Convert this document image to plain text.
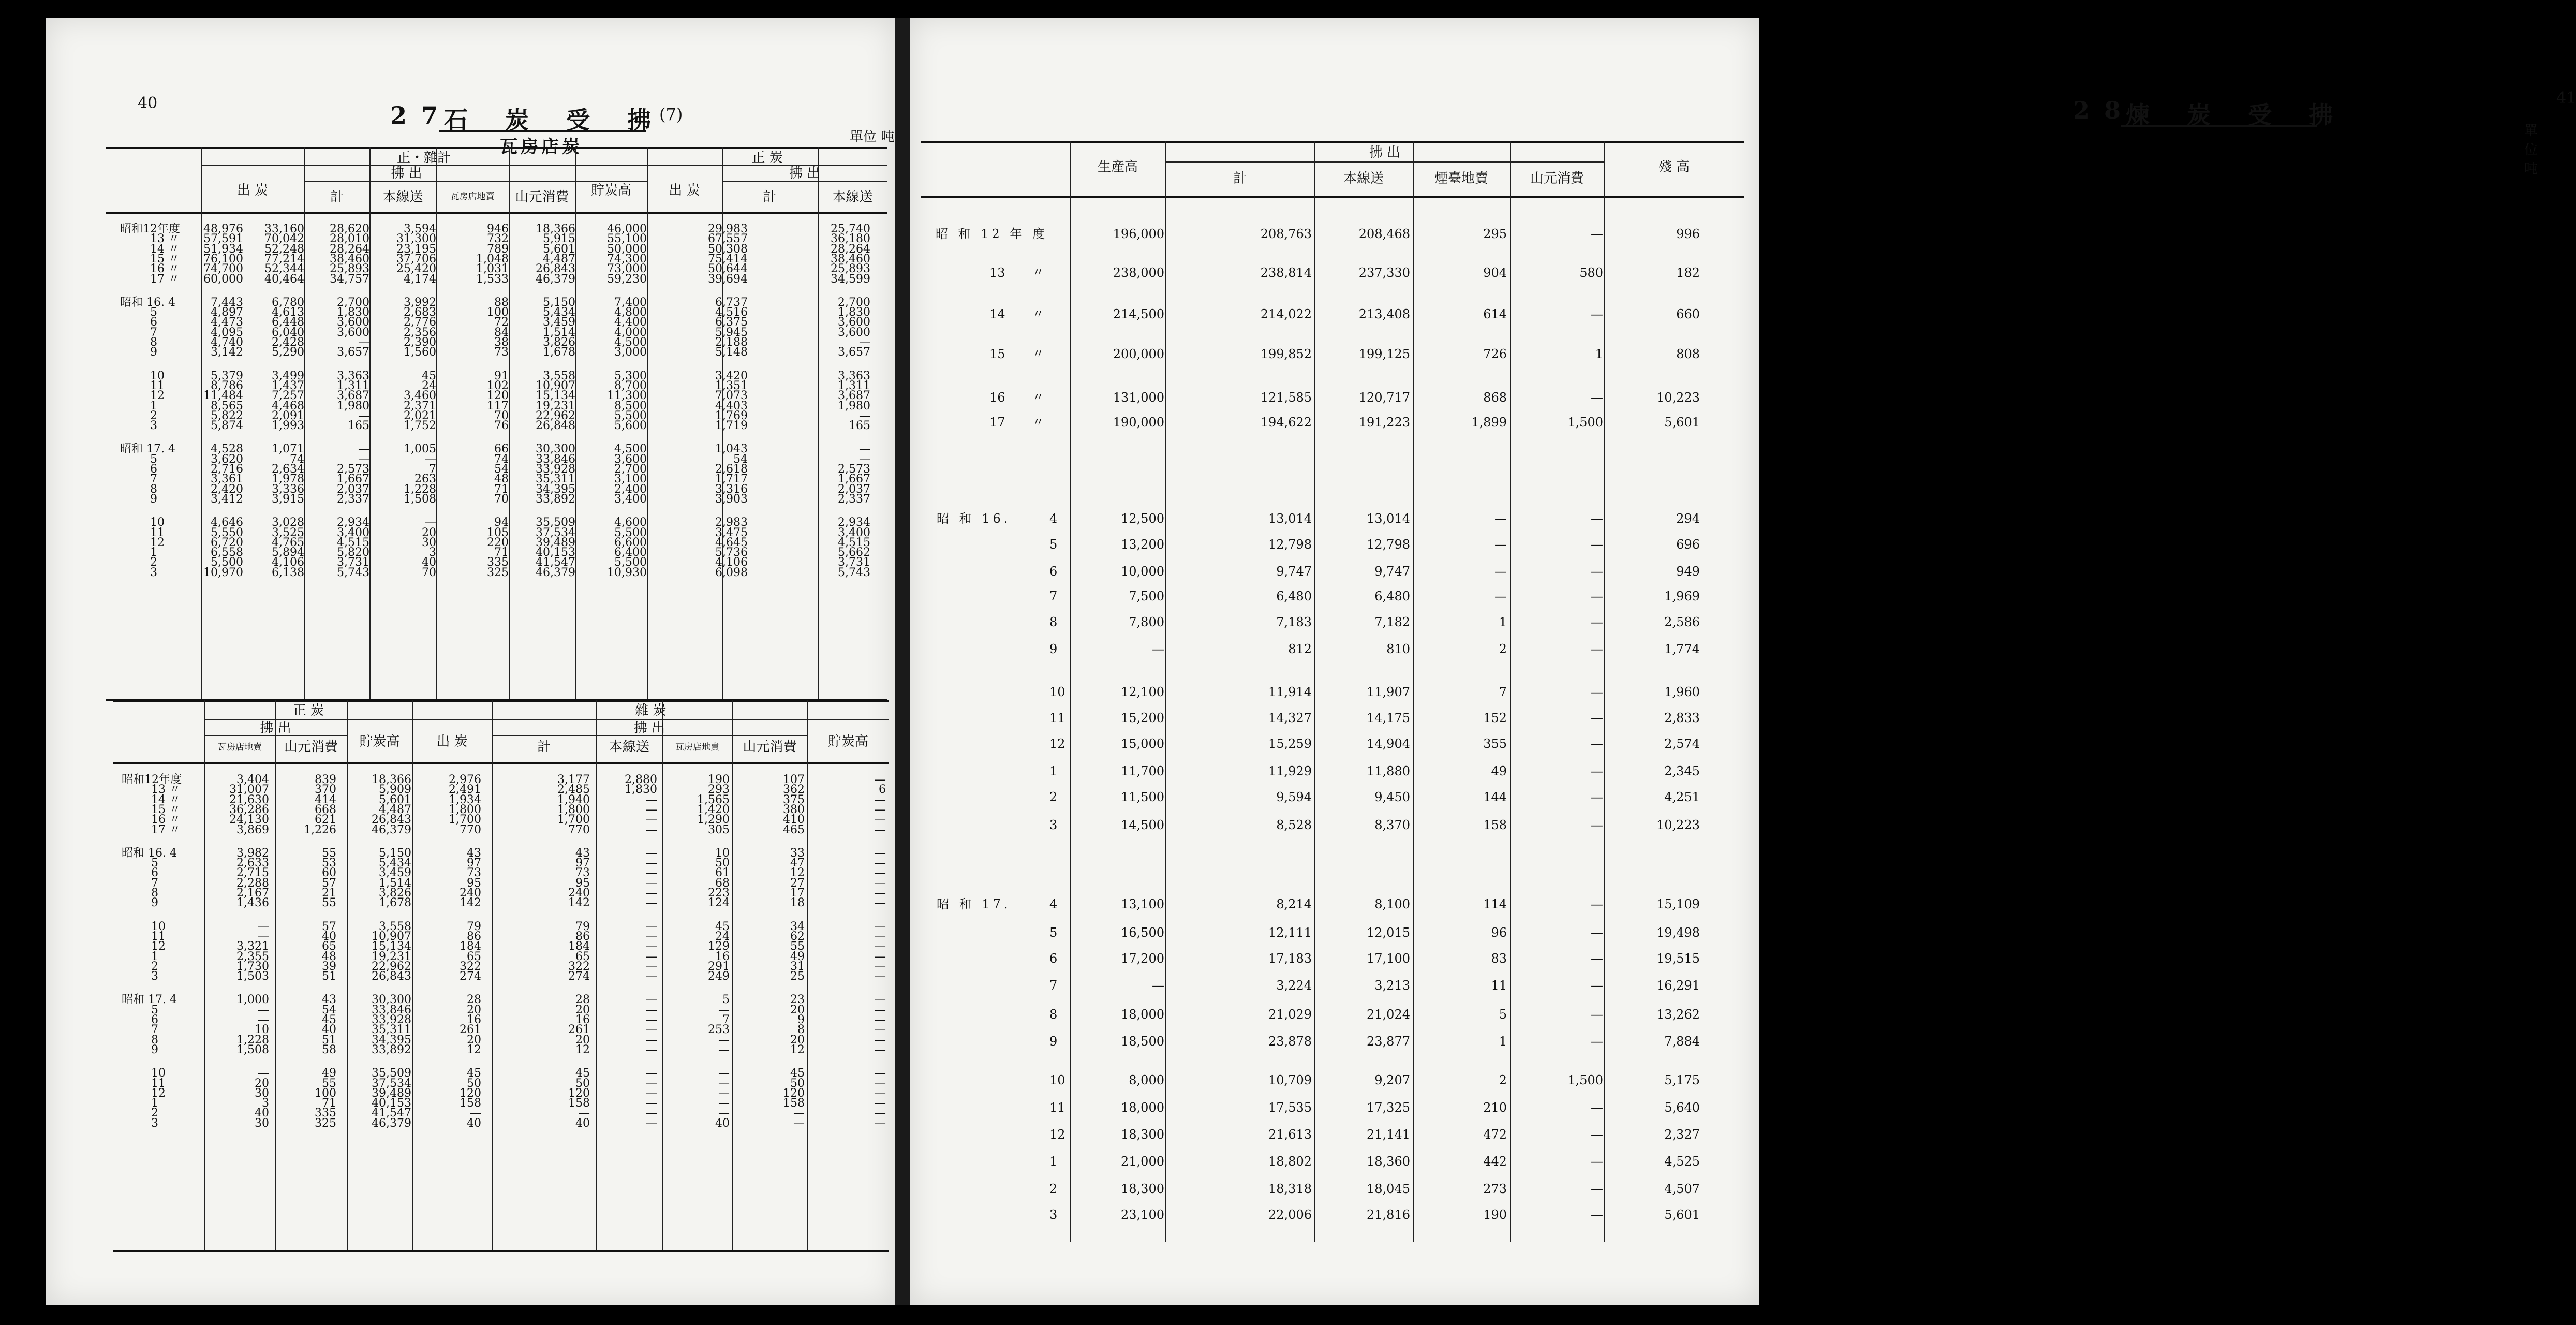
40	27
石 炭 受 拂
(7)
瓦房店炭	單位 吨
41
28
煉 炭 受 拂
單位 吨
正・雜計	正 炭
拂 出	拂 出
出 炭	計	本線送	瓦房店地賣	山元消費	貯炭高	出 炭	計	本線送
昭和12年度	48,976	33,160	28,620	3,594	946	18,366	46,000	29,983	25,740
13 〃	57,591	70,042	28,010	31,300	732	5,915	55,100	67,557	36,180
14 〃	51,934	52,248	28,264	23,195	789	5,601	50,000	50,308	28,264
15 〃	76,100	77,214	38,460	37,706	1,048	4,487	74,300	75,414	38,460
16 〃	74,700	52,344	25,893	25,420	1,031	26,843	73,000	50,644	25,893
17 〃	60,000	40,464	34,757	4,174	1,533	46,379	59,230	39,694	34,599
昭和 16. 4	7,443	6,780	2,700	3,992	88	5,150	7,400	6,737	2,700
5	4,897	4,613	1,830	2,683	100	5,434	4,800	4,516	1,830
6	4,473	6,448	3,600	2,776	72	3,459	4,400	6,375	3,600
7	4,095	6,040	3,600	2,356	84	1,514	4,000	5,945	3,600
8	4,740	2,428	—	2,390	38	3,826	4,500	2,188	—
9	3,142	5,290	3,657	1,560	73	1,678	3,000	5,148	3,657
10	5,379	3,499	3,363	45	91	3,558	5,300	3,420	3,363
11	8,786	1,437	1,311	24	102	10,907	8,700	1,351	1,311
12	11,484	7,257	3,687	3,460	120	15,134	11,300	7,073	3,687
1	8,565	4,468	1,980	2,371	117	19,231	8,500	4,403	1,980
2	5,822	2,091	—	2,021	70	22,962	5,500	1,769	—
3	5,874	1,993	165	1,752	76	26,848	5,600	1,719	165
昭和 17. 4	4,528	1,071	—	1,005	66	30,300	4,500	1,043	—
5	3,620	74	—	—	74	33,846	3,600	54	—
6	2,716	2,634	2,573	7	54	33,928	2,700	2,618	2,573
7	3,361	1,978	1,667	263	48	35,311	3,100	1,717	1,667
8	2,420	3,336	2,037	1,228	71	34,395	2,400	3,316	2,037
9	3,412	3,915	2,337	1,508	70	33,892	3,400	3,903	2,337
10	4,646	3,028	2,934	—	94	35,509	4,600	2,983	2,934
11	5,550	3,525	3,400	20	105	37,534	5,500	3,475	3,400
12	6,720	4,765	4,515	30	220	39,489	6,600	4,645	4,515
1	6,558	5,894	5,820	3	71	40,153	6,400	5,736	5,662
2	5,500	4,106	3,731	40	335	41,547	5,500	4,106	3,731
3	10,970	6,138	5,743	70	325	46,379	10,930	6,098	5,743
正 炭	雜 炭
拂 出	拂 出
瓦房店地賣	山元消費	貯炭高	出 炭	計	本線送	瓦房店地賣	山元消費	貯炭高
昭和12年度	3,404	839	18,366	2,976	3,177	2,880	190	107	—
13 〃	31,007	370	5,909	2,491	2,485	1,830	293	362	6
14 〃	21,630	414	5,601	1,934	1,940	—	1,565	375	—
15 〃	36,286	668	4,487	1,800	1,800	—	1,420	380	—
16 〃	24,130	621	26,843	1,700	1,700	—	1,290	410	—
17 〃	3,869	1,226	46,379	770	770	—	305	465	—
昭和 16. 4	3,982	55	5,150	43	43	—	10	33	—
5	2,633	53	5,434	97	97	—	50	47	—
6	2,715	60	3,459	73	73	—	61	12	—
7	2,288	57	1,514	95	95	—	68	27	—
8	2,167	21	3,826	240	240	—	223	17	—
9	1,436	55	1,678	142	142	—	124	18	—
10	—	57	3,558	79	79	—	45	34	—
11	—	40	10,907	86	86	—	24	62	—
12	3,321	65	15,134	184	184	—	129	55	—
1	2,355	48	19,231	65	65	—	16	49	—
2	1,730	39	22,962	322	322	—	291	31	—
3	1,503	51	26,843	274	274	—	249	25	—
昭和 17. 4	1,000	43	30,300	28	28	—	5	23	—
5	—	54	33,846	20	20	—	—	20	—
6	—	45	33,928	16	16	—	7	9	—
7	10	40	35,311	261	261	—	253	8	—
8	1,228	51	34,395	20	20	—	—	20	—
9	1,508	58	33,892	12	12	—	—	12	—
10	—	49	35,509	45	45	—	—	45	—
11	20	55	37,534	50	50	—	—	50	—
12	30	100	39,489	120	120	—	—	120	—
1	3	71	40,153	158	158	—	—	158	—
2	40	335	41,547	—	—	—	—	—	—
3	30	325	46,379	40	40	—	40	—	—
拂 出
生産高
計	本線送	煙臺地賣	山元消費
殘 高
昭 和 12 年 度	196,000	208,763	208,468	295	—	996
13 〃	238,000	238,814	237,330	904	580	182
14 〃	214,500	214,022	213,408	614	—	660
15 〃	200,000	199,852	199,125	726	1	808
16 〃	131,000	121,585	120,717	868	—	10,223
17 〃	190,000	194,622	191,223	1,899	1,500	5,601
昭 和 16.	4	12,500	13,014	13,014	—	—	294
5	13,200	12,798	12,798	—	—	696
6	10,000	9,747	9,747	—	—	949
7	7,500	6,480	6,480	—	—	1,969
8	7,800	7,183	7,182	1	—	2,586
9	—	812	810	2	—	1,774
10	12,100	11,914	11,907	7	—	1,960
11	15,200	14,327	14,175	152	—	2,833
12	15,000	15,259	14,904	355	—	2,574
1	11,700	11,929	11,880	49	—	2,345
2	11,500	9,594	9,450	144	—	4,251
3	14,500	8,528	8,370	158	—	10,223
昭 和 17.	4	13,100	8,214	8,100	114	—	15,109
5	16,500	12,111	12,015	96	—	19,498
6	17,200	17,183	17,100	83	—	19,515
7	—	3,224	3,213	11	—	16,291
8	18,000	21,029	21,024	5	—	13,262
9	18,500	23,878	23,877	1	—	7,884
10	8,000	10,709	9,207	2	1,500	5,175
11	18,000	17,535	17,325	210	—	5,640
12	18,300	21,613	21,141	472	—	2,327
1	21,000	18,802	18,360	442	—	4,525
2	18,300	18,318	18,045	273	—	4,507
3	23,100	22,006	21,816	190	—	5,601
